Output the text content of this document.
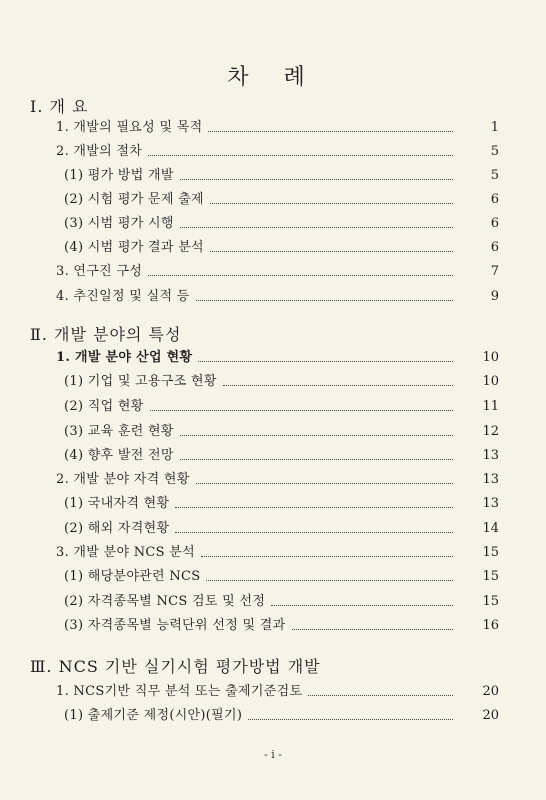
차 례
Ⅰ. 개 요
1. 개발의 필요성 및 목적	1
2. 개발의 절차	5
(1) 평가 방법 개발	5
(2) 시험 평가 문제 출제	6
(3) 시범 평가 시행	6
(4) 시범 평가 결과 분석	6
3. 연구진 구성	7
4. 추진일정 및 실적 등	9
Ⅱ. 개발 분야의 특성
1. 개발 분야 산업 현황	10
(1) 기업 및 고용구조 현황	10
(2) 직업 현황	11
(3) 교육 훈련 현황	12
(4) 향후 발전 전망	13
2. 개발 분야 자격 현황	13
(1) 국내자격 현황	13
(2) 해외 자격현황	14
3. 개발 분야 NCS 분석	15
(1) 해당분야관련 NCS	15
(2) 자격종목별 NCS 검토 및 선정	15
(3) 자격종목별 능력단위 선정 및 결과	16
Ⅲ. NCS 기반 실기시험 평가방법 개발
1. NCS기반 직무 분석 또는 출제기준검토	20
(1) 출제기준 제정(시안)(필기)	20
- i -
